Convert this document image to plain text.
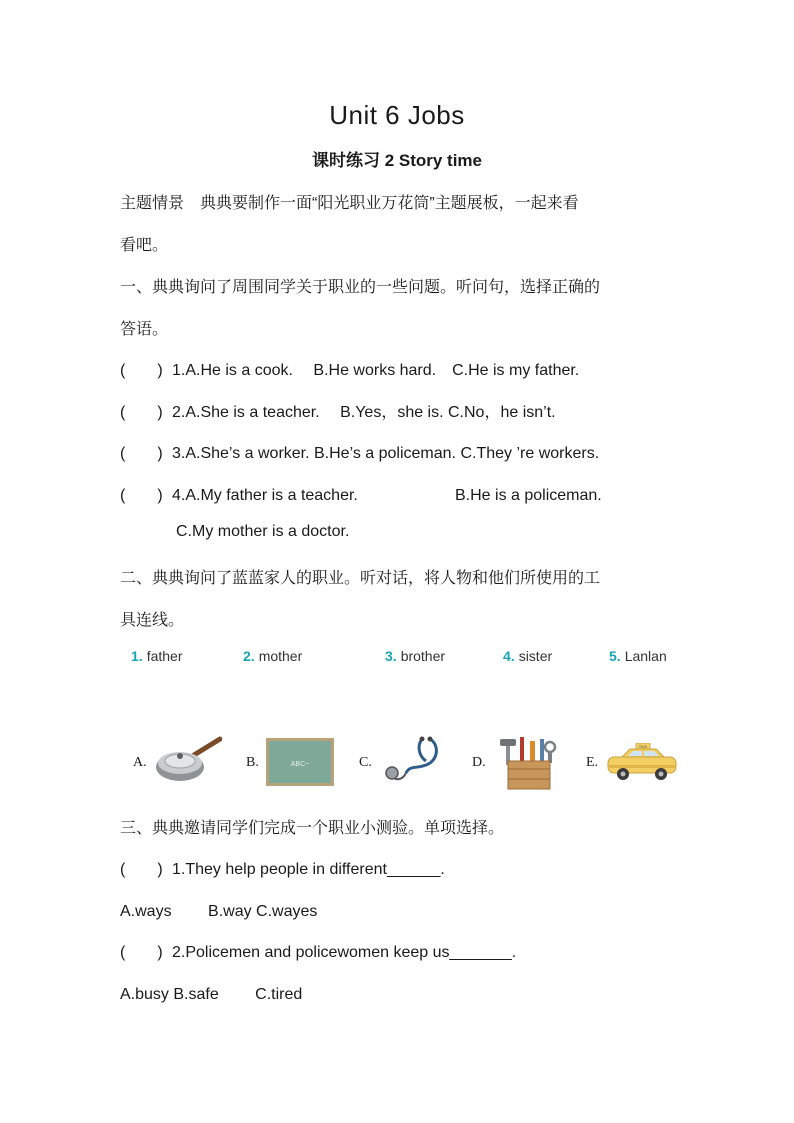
Unit 6 Jobs
课时练习 2 Story time
主题情景　典典要制作一面“阳光职业万花筒”主题展板，一起来看
看吧。
一、典典询问了周围同学关于职业的一些问题。听问句，选择正确的
答语。
(　　) 1.A.He is a cook.　 B.He works hard.　C.He is my father.
(　　) 2.A.She is a teacher.　 B.Yes，she is. C.No，he isn’t.
(　　) 3.A.She’s a worker. B.He’s a policeman. C.They ’re workers.
(　　) 4.A.My father is a teacher.	B.He is a policeman.
C.My mother is a doctor.
二、典典询问了蓝蓝家人的职业。听对话，将人物和他们所使用的工
具连线。
1. father	2. mother	3. brother	4. sister	5. Lanlan
A.	B.	ABC~	C.	D.	E.
TAXI
三、典典邀请同学们完成一个职业小测验。单项选择。
(　　) 1.They help people in different______.
A.ways　 　B.way C.wayes
(　　) 2.Policemen and policewomen keep us_______.
A.busy B.safe　　 C.tired
